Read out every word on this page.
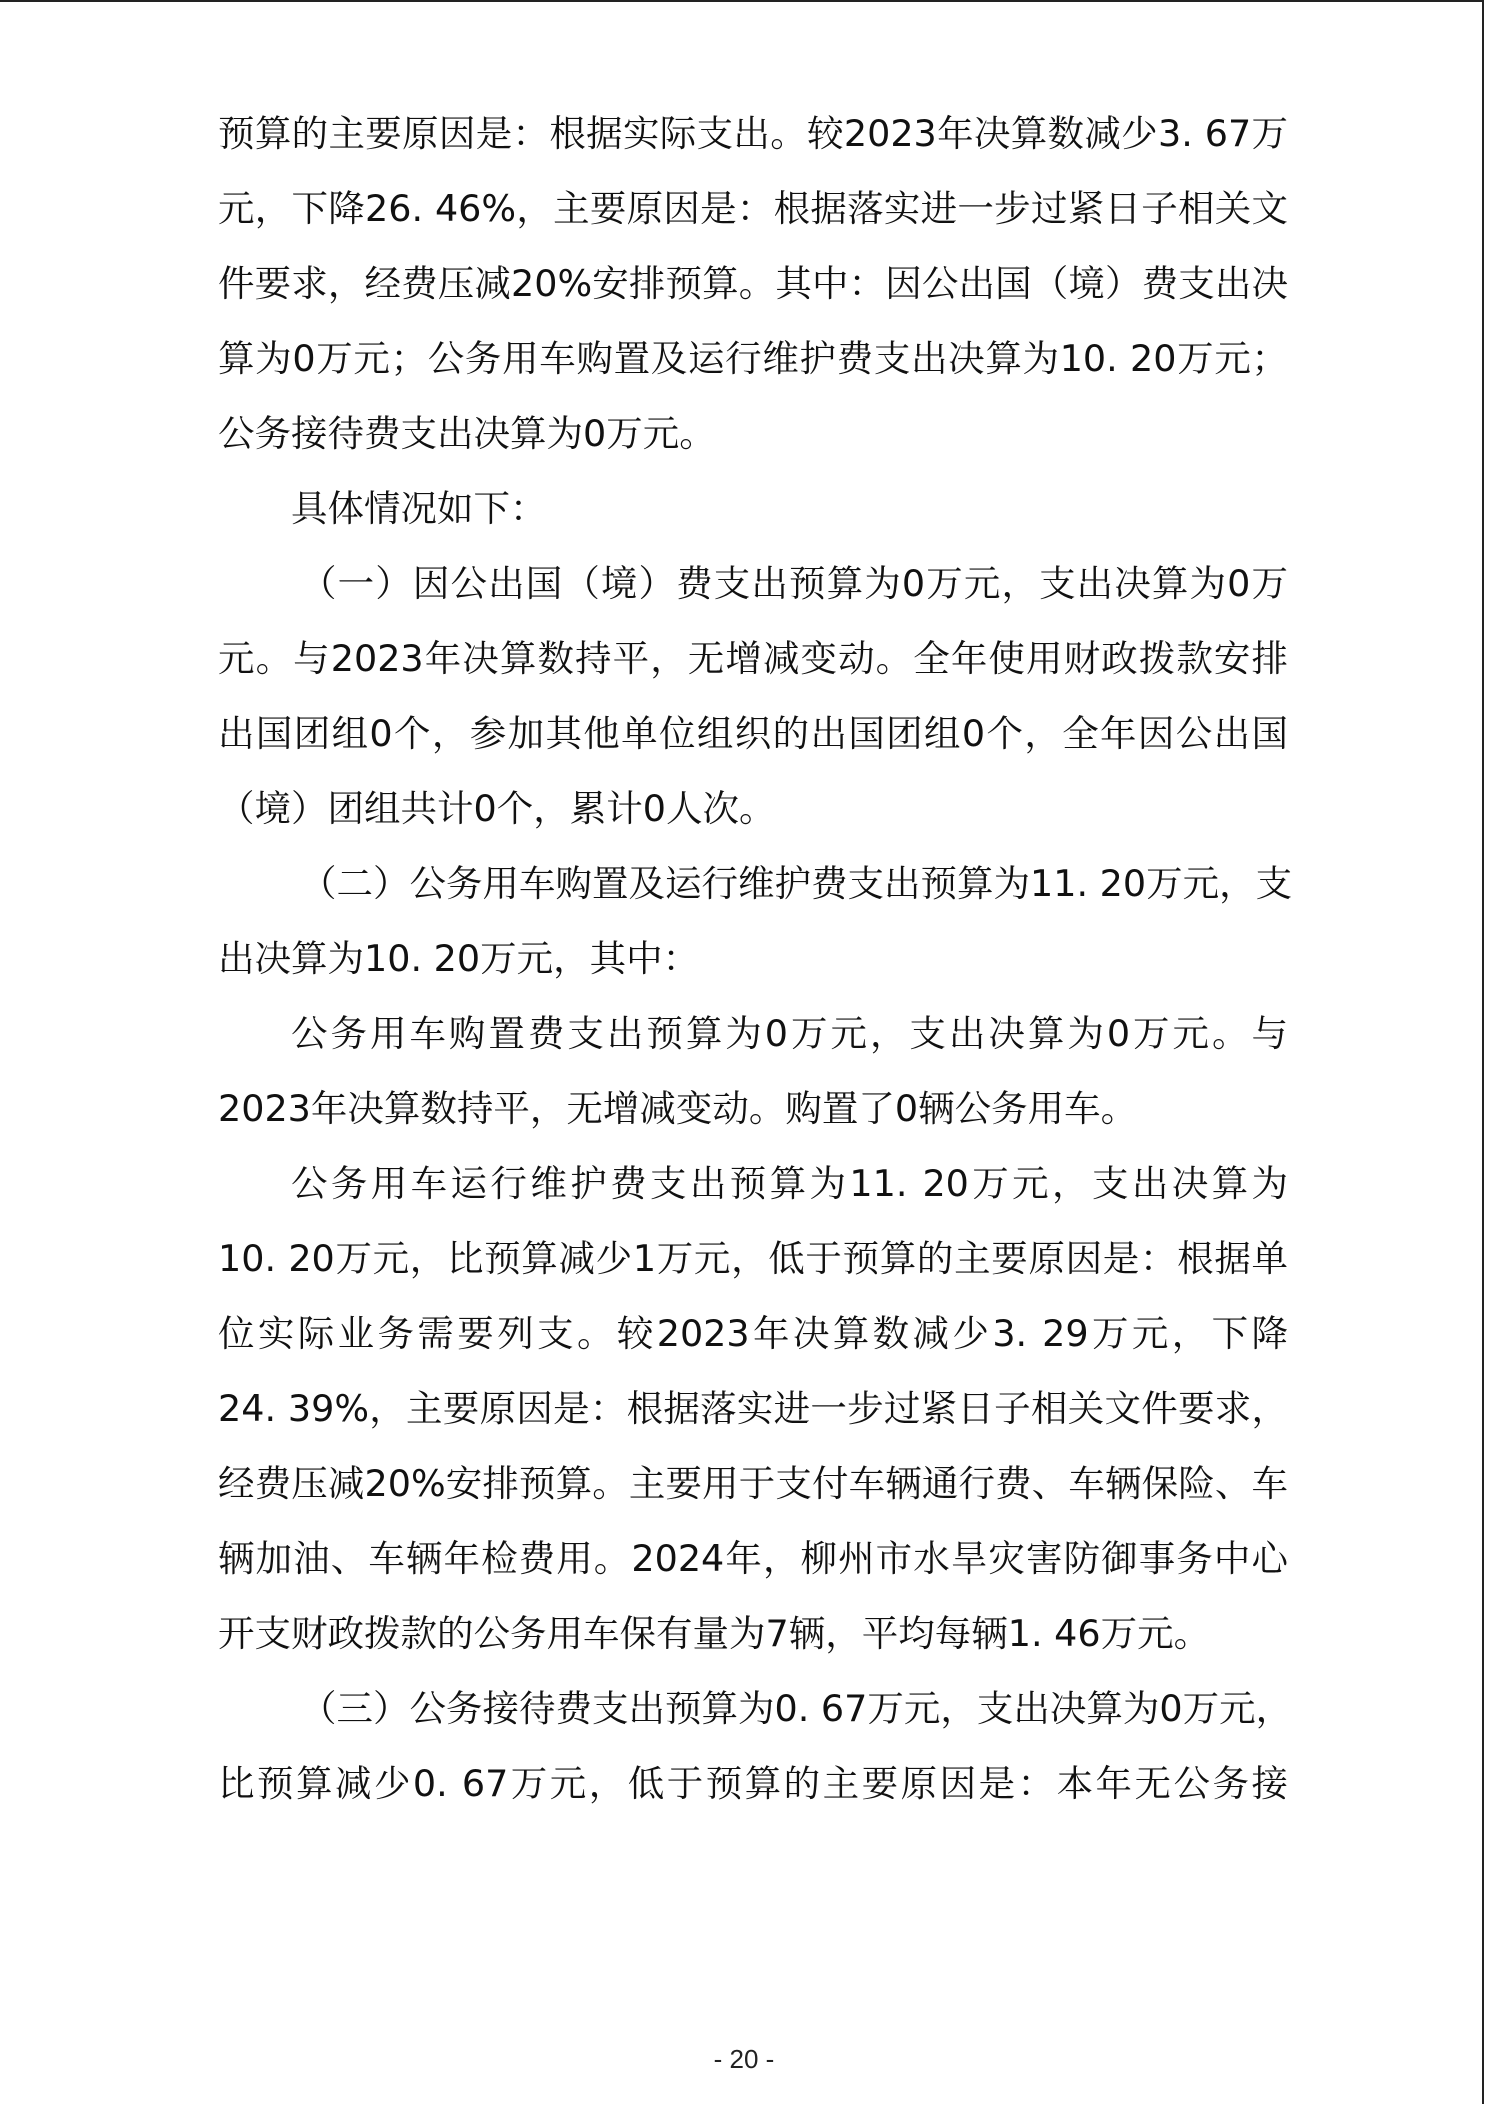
预算的主要原因是：根据实际支出。较2023年决算数减少3. 67万
元，下降26. 46%，主要原因是：根据落实进一步过紧日子相关文
件要求，经费压减20%安排预算。其中：因公出国（境）费支出决
算为0万元；公务用车购置及运行维护费支出决算为10. 20万元；
公务接待费支出决算为0万元。
具体情况如下：
（一）因公出国（境）费支出预算为0万元，支出决算为0万
元。与2023年决算数持平，无增减变动。全年使用财政拨款安排
出国团组0个，参加其他单位组织的出国团组0个，全年因公出国
（境）团组共计0个，累计0人次。
（二）公务用车购置及运行维护费支出预算为11. 20万元，支
出决算为10. 20万元，其中：
公务用车购置费支出预算为0万元，支出决算为0万元。与
2023年决算数持平，无增减变动。购置了0辆公务用车。
公务用车运行维护费支出预算为11. 20万元，支出决算为
10. 20万元，比预算减少1万元，低于预算的主要原因是：根据单
位实际业务需要列支。较2023年决算数减少3. 29万元，下降
24. 39%，主要原因是：根据落实进一步过紧日子相关文件要求，
经费压减20%安排预算。主要用于支付车辆通行费、车辆保险、车
辆加油、车辆年检费用。2024年，柳州市水旱灾害防御事务中心
开支财政拨款的公务用车保有量为7辆，平均每辆1. 46万元。
（三）公务接待费支出预算为0. 67万元，支出决算为0万元，
比预算减少0. 67万元，低于预算的主要原因是：本年无公务接
- 20 -
